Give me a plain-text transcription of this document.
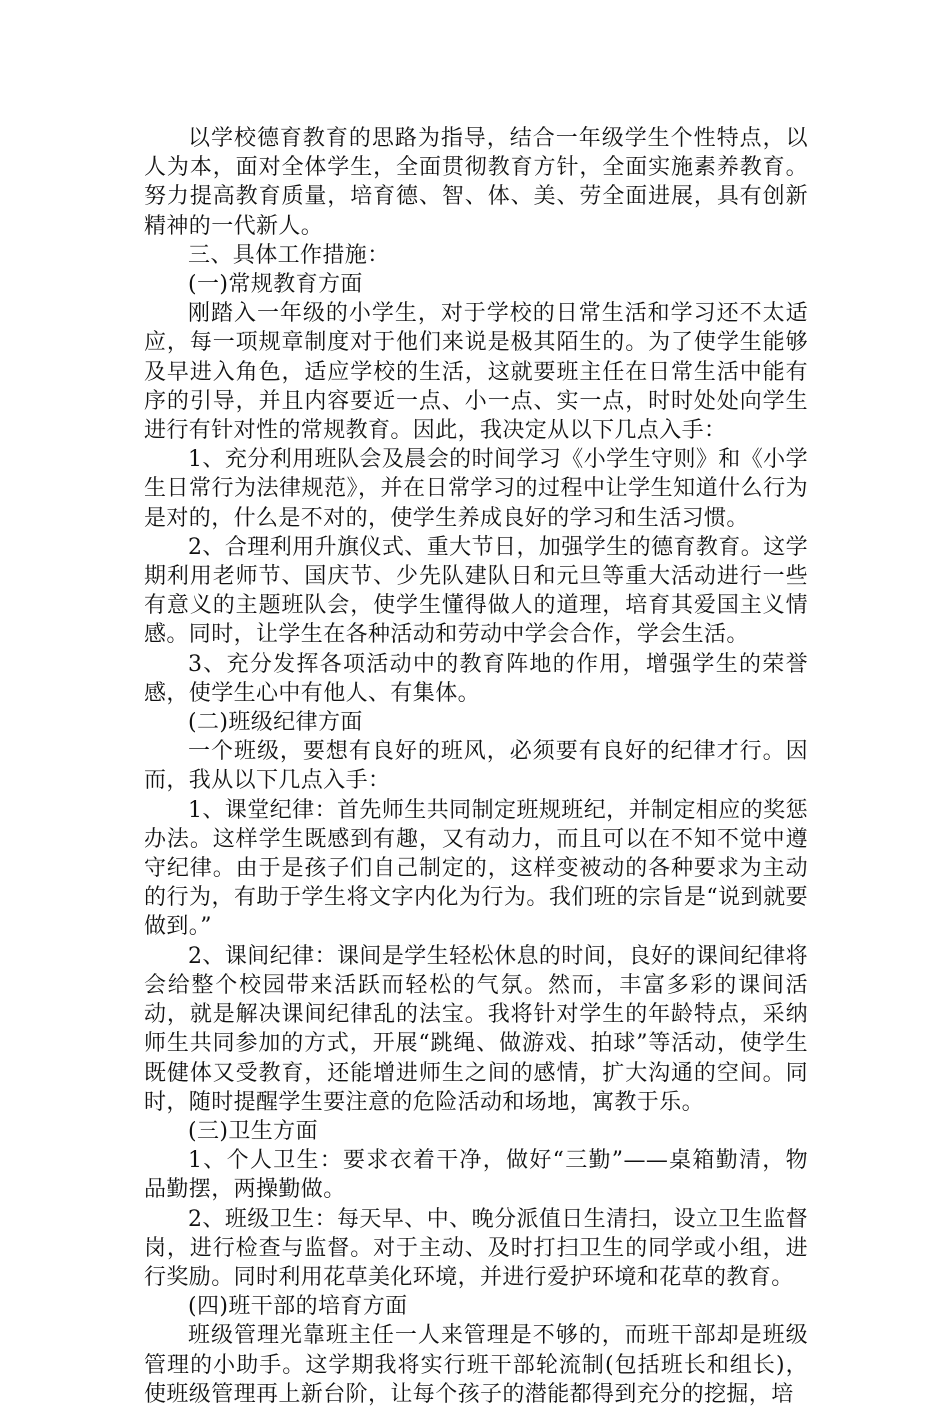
以学校德育教育的思路为指导，结合一年级学生个性特点，以人为本，面对全体学生，全面贯彻教育方针，全面实施素养教育。努力提高教育质量，培育德、智、体、美、劳全面进展，具有创新精神的一代新人。

三、具体工作措施：

(一)常规教育方面

刚踏入一年级的小学生，对于学校的日常生活和学习还不太适应，每一项规章制度对于他们来说是极其陌生的。为了使学生能够及早进入角色，适应学校的生活，这就要班主任在日常生活中能有序的引导，并且内容要近一点、小一点、实一点，时时处处向学生进行有针对性的常规教育。因此，我决定从以下几点入手：

1、充分利用班队会及晨会的时间学习《小学生守则》和《小学生日常行为法律规范》，并在日常学习的过程中让学生知道什么行为是对的，什么是不对的，使学生养成良好的学习和生活习惯。

2、合理利用升旗仪式、重大节日，加强学生的德育教育。这学期利用老师节、国庆节、少先队建队日和元旦等重大活动进行一些有意义的主题班队会，使学生懂得做人的道理，培育其爱国主义情感。同时，让学生在各种活动和劳动中学会合作，学会生活。

3、充分发挥各项活动中的教育阵地的作用，增强学生的荣誉感，使学生心中有他人、有集体。

(二)班级纪律方面

一个班级，要想有良好的班风，必须要有良好的纪律才行。因而，我从以下几点入手：

1、课堂纪律：首先师生共同制定班规班纪，并制定相应的奖惩办法。这样学生既感到有趣，又有动力，而且可以在不知不觉中遵守纪律。由于是孩子们自己制定的，这样变被动的各种要求为主动的行为，有助于学生将文字内化为行为。我们班的宗旨是“说到就要做到。”

2、课间纪律：课间是学生轻松休息的时间，良好的课间纪律将会给整个校园带来活跃而轻松的气氛。然而，丰富多彩的课间活动，就是解决课间纪律乱的法宝。我将针对学生的年龄特点，采纳师生共同参加的方式，开展“跳绳、做游戏、拍球”等活动，使学生既健体又受教育，还能增进师生之间的感情，扩大沟通的空间。同时，随时提醒学生要注意的危险活动和场地，寓教于乐。

(三)卫生方面

1、个人卫生：要求衣着干净，做好“三勤”——桌箱勤清，物品勤摆，两操勤做。

2、班级卫生：每天早、中、晚分派值日生清扫，设立卫生监督岗，进行检查与监督。对于主动、及时打扫卫生的同学或小组，进行奖励。同时利用花草美化环境，并进行爱护环境和花草的教育。

(四)班干部的培育方面

班级管理光靠班主任一人来管理是不够的，而班干部却是班级管理的小助手。这学期我将实行班干部轮流制(包括班长和组长)，使班级管理再上新台阶，让每个孩子的潜能都得到充分的挖掘，培
